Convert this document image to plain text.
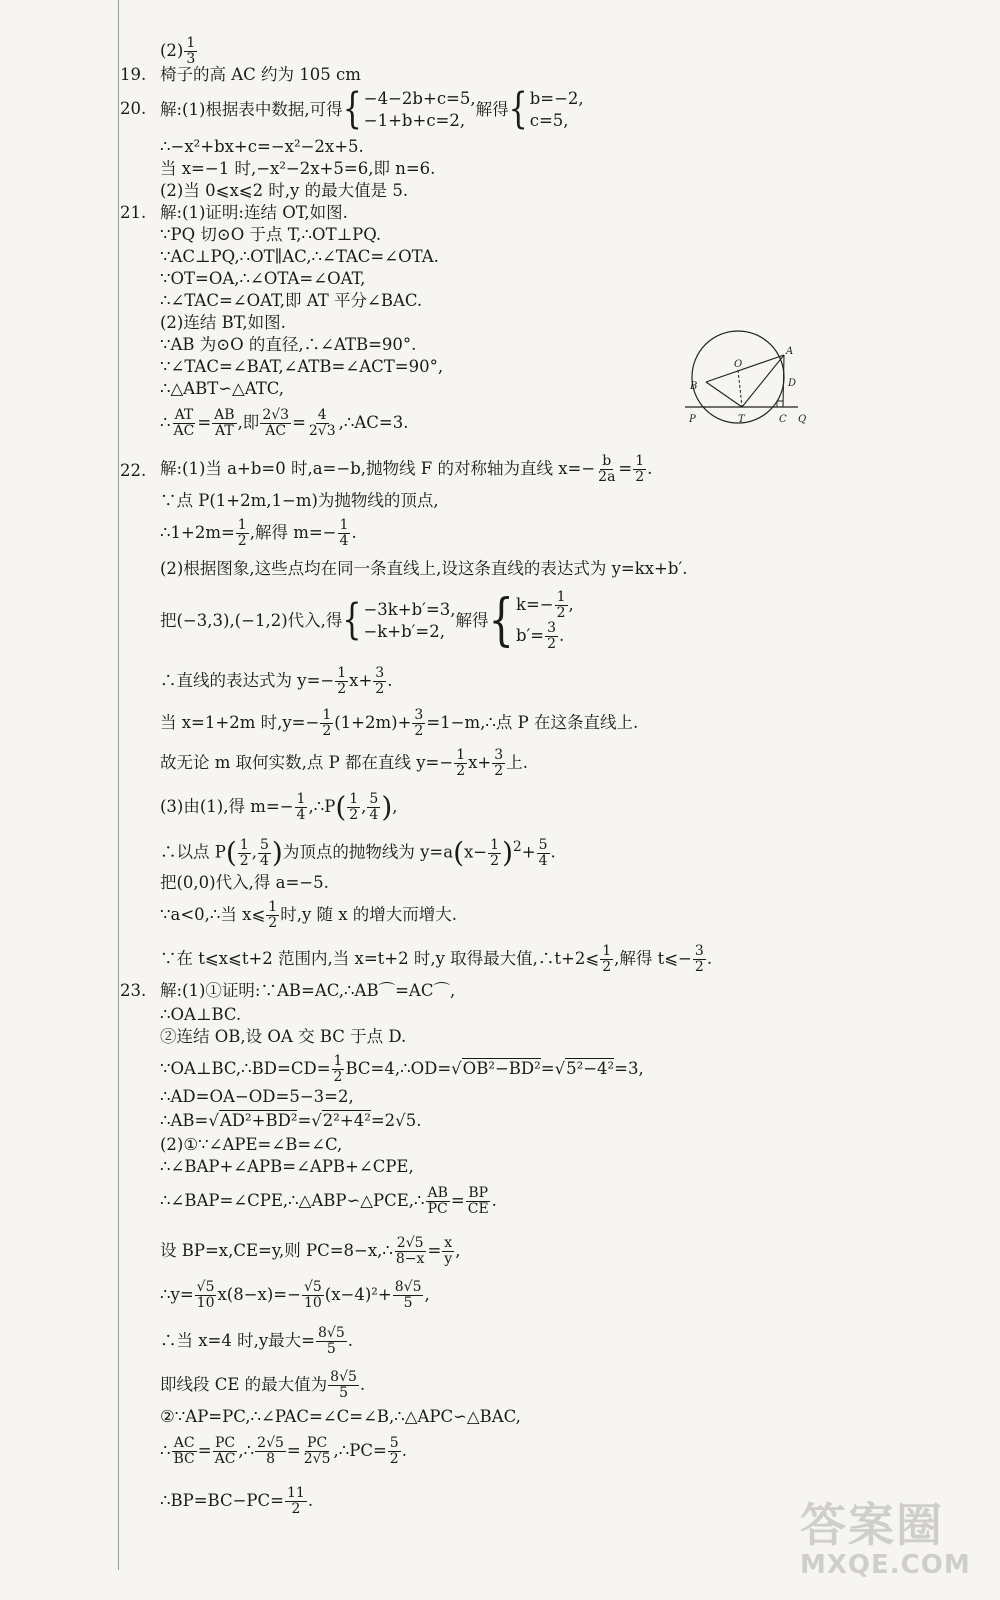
$(2) \frac{1}{3}$
19. 椅子的高 AC 约为 105 cm
20. 解:(1)根据表中数据,可得{ −4−2b+c=5,
−1+b+c=2,
解得{ b=−2,
c=5,
∴−x²+bx+c=−x²−2x+5.
当 x=−1 时,−x²−2x+5=6,即 n=6.
(2)当 0⩽x⩽2 时,y 的最大值是 5.
21. 解:(1)证明:连结 OT,如图.
∵PQ 切⊙O 于点 T,∴OT⊥PQ.
∵AC⊥PQ,∴OT∥AC,∴∠TAC=∠OTA.
∵OT=OA,∴∠OTA=∠OAT,
∴∠TAC=∠OAT,即 AT 平分∠BAC.
(2)连结 BT,如图.
∵AB 为⊙O 的直径,∴∠ATB=90°.
∵∠TAC=∠BAT,∠ATB=∠ACT=90°,
∴△ABT∽△ATC,
∴ $\frac{AT}{AC} = \frac{AB}{AT}$ ,即 $\frac{2√3}{AC} = \frac{4}{2√3}$ ,∴AC=3.
A
O
B	D
P	T	C Q
22. 解:(1)当 a+b=0 时,a=−b,抛物线 F 的对称轴为直线 $x=- \frac{b}{2a} = \frac{1}{2}$ .
∵点 P(1+2m,1−m)为抛物线的顶点,
∴1+2m= $\frac{1}{2}$ ,解得 $m=- \frac{1}{4}$ .
(2)根据图象,这些点均在同一条直线上,设这条直线的表达式为 y=kx+b′.
把(−3,3),(−1,2)代入,得{ −3k+b′=3,
−k+b′=2,
解得{ $k=- \frac{1}{2}$ ,
$b'= \frac{3}{2}$ .
∴直线的表达式为 $y=- \frac{1}{2} x+ \frac{3}{2}$ .
当 x=1+2m 时$,y=- \frac{1}{2} (1+2m)+ \frac{3}{2}$ =1−m,∴点 P 在这条直线上.
故无论 m 取何实数,点 P 都在直线 $y=- \frac{1}{2} x+ \frac{3}{2}$ 上.
(3)由(1),得 $m=- \frac{1}{4}$ ,∴P( $\frac{1}{2}$ , $\frac{5}{4}$ ),
∴以点 $P( \frac{1}{2}$ , $\frac{5}{4}$ )为顶点的抛物线为 $y=a(x- \frac{1}{2} )^2+ \frac{5}{4}$ .
把(0,0)代入,得 a=−5.
∵a<0,∴当 x⩽ $\frac{1}{2}$ 时,y 随 x 的增大而增大.
∵在 t⩽x⩽t+2 范围内,当 x=t+2 时,y 取得最大值,∴t+2⩽ $\frac{1}{2}$ ,解得 t⩽− $\frac{3}{2}$ .
23. 解:(1)①证明:∵AB=AC,∴AB⌒=AC⌒,
∴OA⊥BC.
②连结 OB,设 OA 交 BC 于点 D.
∵OA⊥BC,∴BD=CD= $\frac{1}{2}$ BC=4,∴OD=√OB²−BD²=√5²−4²=3,
∴AD=OA−OD=5−3=2,
∴AB=√AD²+BD²=√2²+4²=2√5.
(2)①∵∠APE=∠B=∠C,
∴∠BAP+∠APB=∠APB+∠CPE,
∴∠BAP=∠CPE,∴△ABP∽△PCE,∴ $\frac{AB}{PC} = \frac{BP}{CE}$ .
设 BP=x,CE=y,则 PC=8−x,∴ $\frac{2√5}{8-x} = \frac{x}{y}$ ,
∴y= $\frac{√5}{10} x(8-x)=- \frac{√5}{10} (x-4)^2+ \frac{8√5}{5}$ ,
∴当 x=4 时,y最大= $\frac{8√5}{5}$ .
即线段 CE 的最大值为 $\frac{8√5}{5}$ .
②∵AP=PC,∴∠PAC=∠C=∠B,∴△APC∽△BAC,
∴ $\frac{AC}{BC} = \frac{PC}{AC}$ ,∴ $\frac{2√5}{8} = \frac{PC}{2√5}$ ,∴PC= $\frac{5}{2}$ .
∴BP=BC−PC= $\frac{11}{2}$ .	答案圈
MXQE.COM
